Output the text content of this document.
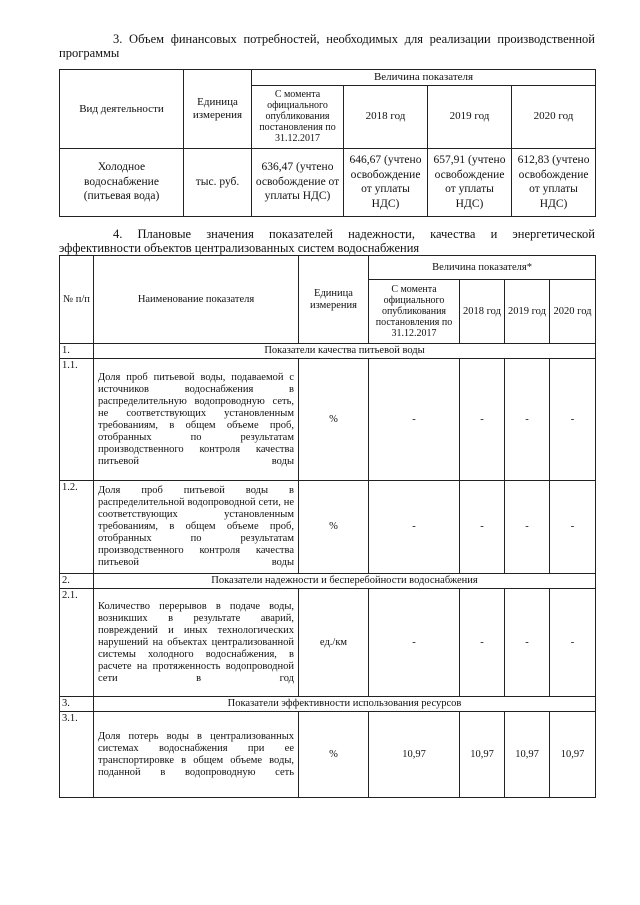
3. Объем финансовых потребностей, необходимых для реализации производственной
программы
Вид деятельности	Единица измерения	Величина показателя			
		С момента официального опубликования постановления по 31.12.2017	2018 год	2019 год	2020 год
Холодное водоснабжение (питьевая вода)	тыс. руб.	636,47 (учтено освобождение от уплаты НДС)	646,67 (учтено освобождение от уплаты НДС)	657,91 (учтено освобождение от уплаты НДС)	612,83 (учтено освобождение от уплаты НДС)
4. Плановые значения показателей надежности, качества и энергетической
эффективности объектов централизованных систем водоснабжения
№ п/п	Наименование показателя	Единица измерения	Величина показателя*			
			С момента официального опубликования постановления по 31.12.2017	2018 год	2019 год	2020 год
1.	Показатели качества питьевой воды					
1.1.	Доля проб питьевой воды, подаваемой с источников водоснабжения в распределительную водопроводную сеть, не соответствующих установленным требованиям, в общем объеме проб, отобранных по результатам производственного контроля качества питьевой воды	%	-	-	-	-
1.2.	Доля проб питьевой воды в распределительной водопроводной сети, не соответствующих установленным требованиям, в общем объеме проб, отобранных по результатам производственного контроля качества питьевой воды	%	-	-	-	-
2.	Показатели надежности и бесперебойности водоснабжения					
2.1.	Количество перерывов в подаче воды, возникших в результате аварий, повреждений и иных технологических нарушений на объектах централизованной системы холодного водоснабжения, в расчете на протяженность водопроводной сети в год	ед./км	-	-	-	-
3.	Показатели эффективности использования ресурсов					
3.1.	Доля потерь воды в централизованных системах водоснабжения при ее транспортировке в общем объеме воды, поданной в водопроводную сеть	%	10,97	10,97	10,97	10,97
